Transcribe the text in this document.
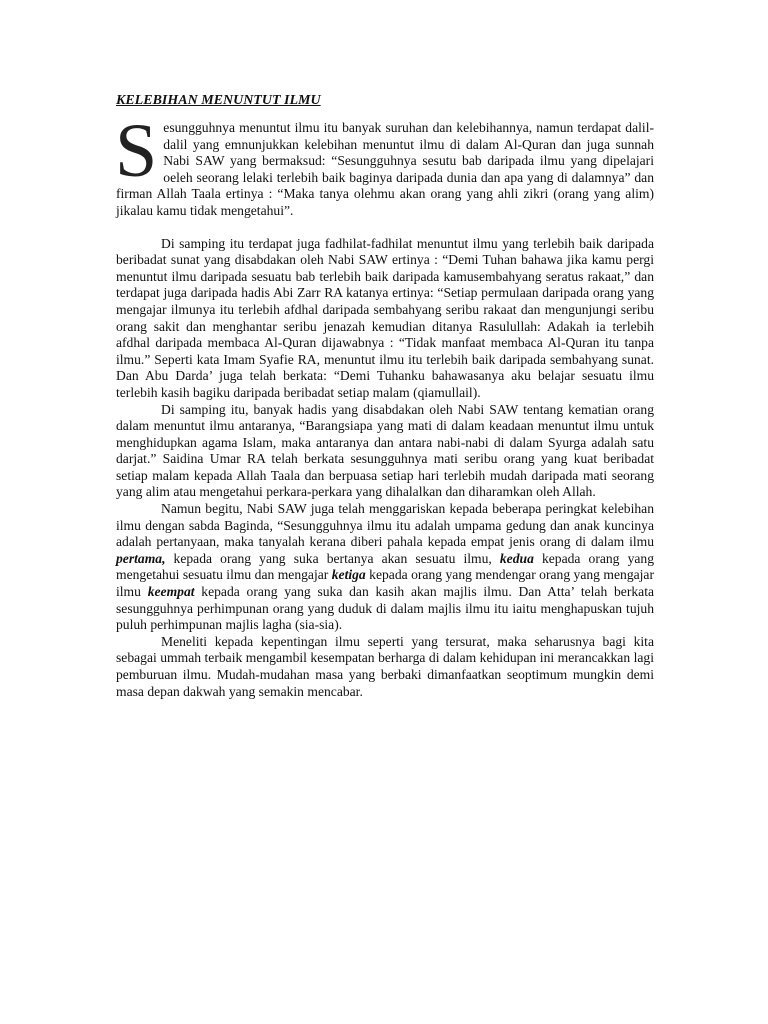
KELEBIHAN MENUNTUT ILMU

Sesungguhnya menuntut ilmu itu banyak suruhan dan kelebihannya, namun terdapat dalil-dalil yang emnunjukkan kelebihan menuntut ilmu di dalam Al-Quran dan juga sunnah Nabi SAW yang bermaksud: “Sesungguhnya sesutu bab daripada ilmu yang dipelajari oeleh seorang lelaki terlebih baik baginya daripada dunia dan apa yang di dalamnya” dan firman Allah Taala ertinya : “Maka tanya olehmu akan orang yang ahli zikri (orang yang alim) jikalau kamu tidak mengetahui”.

Di samping itu terdapat juga fadhilat-fadhilat menuntut ilmu yang terlebih baik daripada beribadat sunat yang disabdakan oleh Nabi SAW ertinya : “Demi Tuhan bahawa jika kamu pergi menuntut ilmu daripada sesuatu bab terlebih baik daripada kamusembahyang seratus rakaat,” dan terdapat juga daripada hadis Abi Zarr RA katanya ertinya: “Setiap permulaan daripada orang yang mengajar ilmunya itu terlebih afdhal daripada sembahyang seribu rakaat dan mengunjungi seribu orang sakit dan menghantar seribu jenazah kemudian ditanya Rasulullah: Adakah ia terlebih afdhal daripada membaca Al-Quran dijawabnya : “Tidak manfaat membaca Al-Quran itu tanpa ilmu.” Seperti kata Imam Syafie RA, menuntut ilmu itu terlebih baik daripada sembahyang sunat. Dan Abu Darda’ juga telah berkata: “Demi Tuhanku bahawasanya aku belajar sesuatu ilmu terlebih kasih bagiku daripada beribadat setiap malam (qiamullail).

Di samping itu, banyak hadis yang disabdakan oleh Nabi SAW tentang kematian orang dalam menuntut ilmu antaranya, “Barangsiapa yang mati di dalam keadaan menuntut ilmu untuk menghidupkan agama Islam, maka antaranya dan antara nabi-nabi di dalam Syurga adalah satu darjat.” Saidina Umar RA telah berkata sesungguhnya mati seribu orang yang kuat beribadat setiap malam kepada Allah Taala dan berpuasa setiap hari terlebih mudah daripada mati seorang yang alim atau mengetahui perkara-perkara yang dihalalkan dan diharamkan oleh Allah.

Namun begitu, Nabi SAW juga telah menggariskan kepada beberapa peringkat kelebihan ilmu dengan sabda Baginda, “Sesungguhnya ilmu itu adalah umpama gedung dan anak kuncinya adalah pertanyaan, maka tanyalah kerana diberi pahala kepada empat jenis orang di dalam ilmu pertama, kepada orang yang suka bertanya akan sesuatu ilmu, kedua kepada orang yang mengetahui sesuatu ilmu dan mengajar ketiga kepada orang yang mendengar orang yang mengajar ilmu keempat kepada orang yang suka dan kasih akan majlis ilmu. Dan Atta’ telah berkata sesungguhnya perhimpunan orang yang duduk di dalam majlis ilmu itu iaitu menghapuskan tujuh puluh perhimpunan majlis lagha (sia-sia).

Meneliti kepada kepentingan ilmu seperti yang tersurat, maka seharusnya bagi kita sebagai ummah terbaik mengambil kesempatan berharga di dalam kehidupan ini merancakkan lagi pemburuan ilmu. Mudah-mudahan masa yang berbaki dimanfaatkan seoptimum mungkin demi masa depan dakwah yang semakin mencabar.
